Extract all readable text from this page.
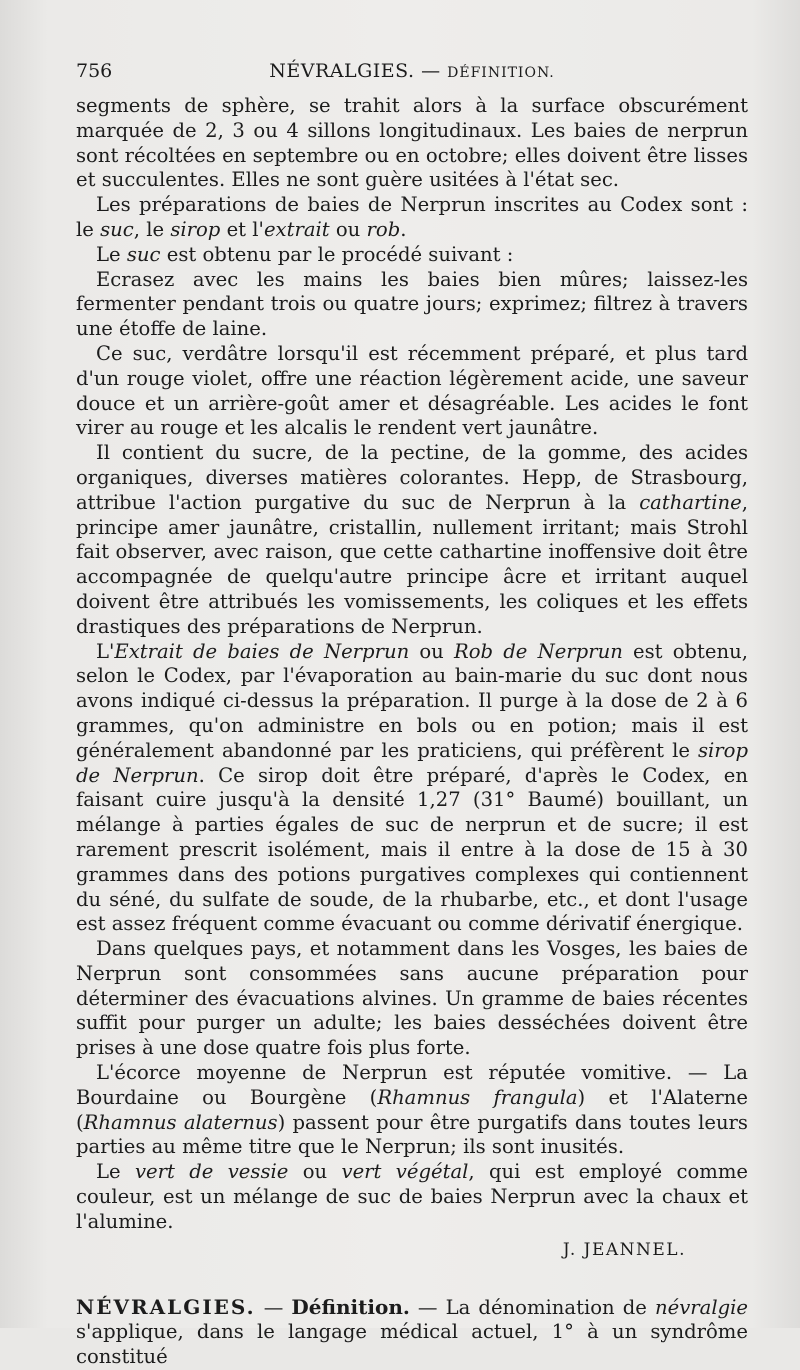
756	NÉVRALGIES. — DÉFINITION.

segments de sphère, se trahit alors à la surface obscurément marquée de 2, 3 ou 4 sillons longitudinaux. Les baies de nerprun sont récoltées en septembre ou en octobre; elles doivent être lisses et succulentes. Elles ne sont guère usitées à l'état sec.

Les préparations de baies de Nerprun inscrites au Codex sont : le suc, le sirop et l'extrait ou rob.

Le suc est obtenu par le procédé suivant :

Ecrasez avec les mains les baies bien mûres; laissez-les fermenter pendant trois ou quatre jours; exprimez; filtrez à travers une étoffe de laine.

Ce suc, verdâtre lorsqu'il est récemment préparé, et plus tard d'un rouge violet, offre une réaction légèrement acide, une saveur douce et un arrière-goût amer et désagréable. Les acides le font virer au rouge et les alcalis le rendent vert jaunâtre.

Il contient du sucre, de la pectine, de la gomme, des acides organiques, diverses matières colorantes. Hepp, de Strasbourg, attribue l'action purgative du suc de Nerprun à la cathartine, principe amer jaunâtre, cristallin, nullement irritant; mais Strohl fait observer, avec raison, que cette cathartine inoffensive doit être accompagnée de quelqu'autre principe âcre et irritant auquel doivent être attribués les vomissements, les coliques et les effets drastiques des préparations de Nerprun.

L'Extrait de baies de Nerprun ou Rob de Nerprun est obtenu, selon le Codex, par l'évaporation au bain-marie du suc dont nous avons indiqué ci-dessus la préparation. Il purge à la dose de 2 à 6 grammes, qu'on administre en bols ou en potion; mais il est généralement abandonné par les praticiens, qui préfèrent le sirop de Nerprun. Ce sirop doit être préparé, d'après le Codex, en faisant cuire jusqu'à la densité 1,27 (31° Baumé) bouillant, un mélange à parties égales de suc de nerprun et de sucre; il est rarement prescrit isolément, mais il entre à la dose de 15 à 30 grammes dans des potions purgatives complexes qui contiennent du séné, du sulfate de soude, de la rhubarbe, etc., et dont l'usage est assez fréquent comme évacuant ou comme dérivatif énergique.

Dans quelques pays, et notamment dans les Vosges, les baies de Nerprun sont consommées sans aucune préparation pour déterminer des évacuations alvines. Un gramme de baies récentes suffit pour purger un adulte; les baies desséchées doivent être prises à une dose quatre fois plus forte.

L'écorce moyenne de Nerprun est réputée vomitive. — La Bourdaine ou Bourgène (Rhamnus frangula) et l'Alaterne (Rhamnus alaternus) passent pour être purgatifs dans toutes leurs parties au même titre que le Nerprun; ils sont inusités.

Le vert de vessie ou vert végétal, qui est employé comme couleur, est un mélange de suc de baies Nerprun avec la chaux et l'alumine.

J. JEANNEL.

NÉVRALGIES. — Définition. — La dénomination de névralgie s'applique, dans le langage médical actuel, 1° à un syndrôme constitué
